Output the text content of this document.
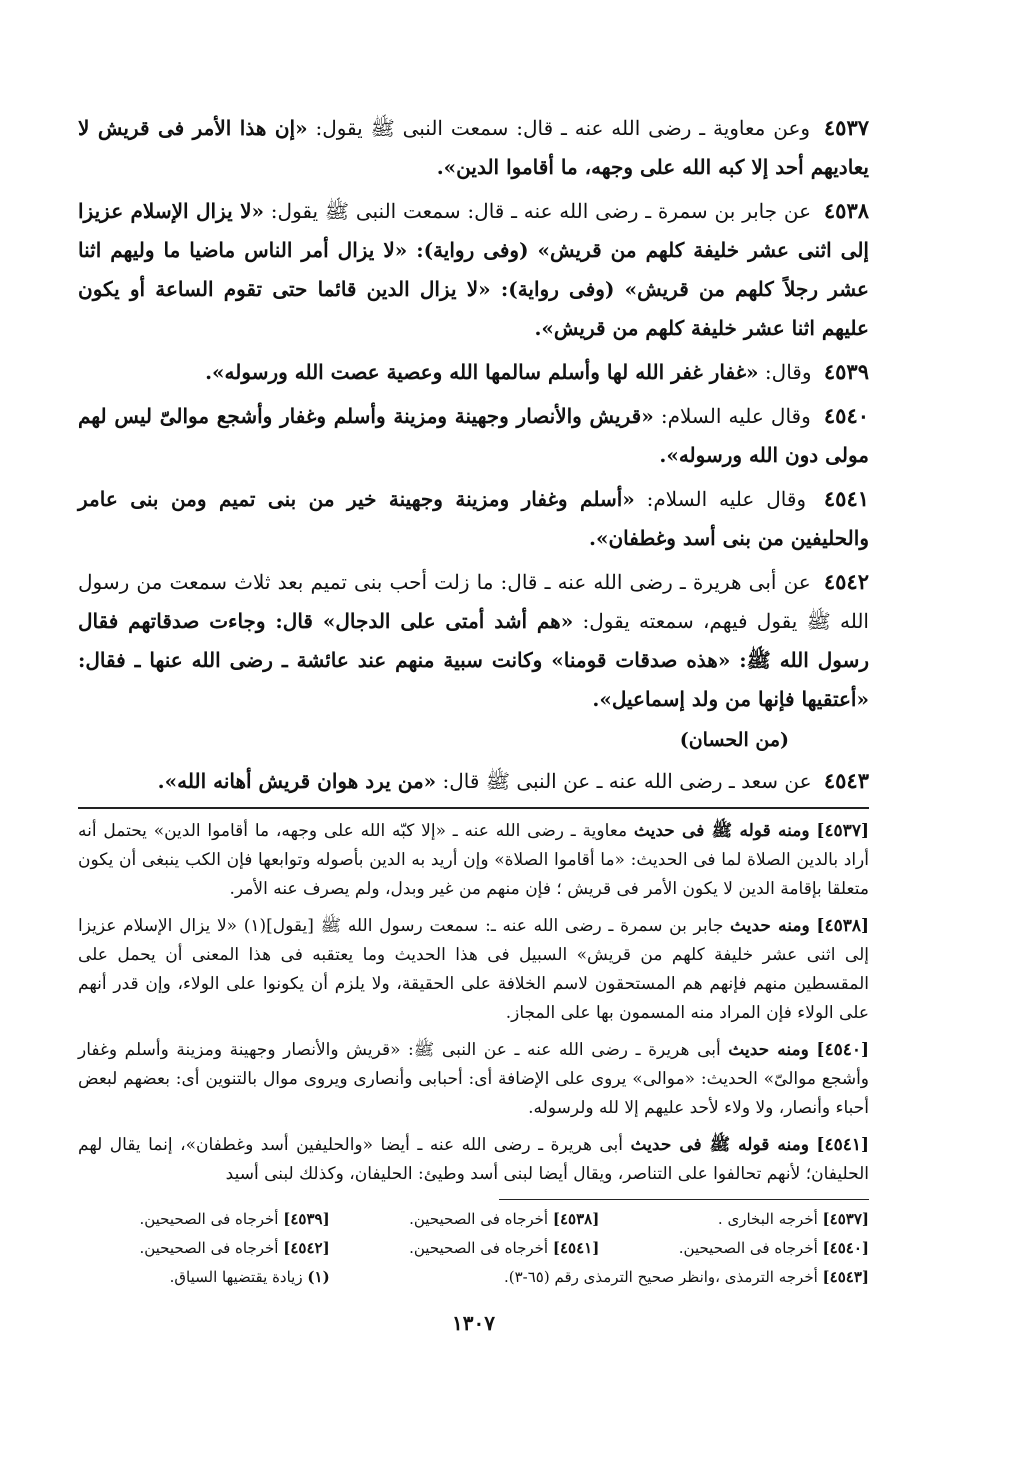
٤٥٣٧ وعن معاوية ـ رضى الله عنه ـ قال: سمعت النبى ﷺ يقول: «إن هذا الأمر فى قريش لا يعاديهم أحد إلا كبه الله على وجهه، ما أقاموا الدين».

٤٥٣٨ عن جابر بن سمرة ـ رضى الله عنه ـ قال: سمعت النبى ﷺ يقول: «لا يزال الإسلام عزيزا إلى اثنى عشر خليفة كلهم من قريش» (وفى رواية): «لا يزال أمر الناس ماضيا ما وليهم اثنا عشر رجلاً كلهم من قريش» (وفى رواية): «لا يزال الدين قائما حتى تقوم الساعة أو يكون عليهم اثنا عشر خليفة كلهم من قريش».

٤٥٣٩ وقال: «غفار غفر الله لها وأسلم سالمها الله وعصية عصت الله ورسوله».

٤٥٤٠ وقال عليه السلام: «قريش والأنصار وجهينة ومزينة وأسلم وغفار وأشجع موالىّ ليس لهم مولى دون الله ورسوله».

٤٥٤١ وقال عليه السلام: «أسلم وغفار ومزينة وجهينة خير من بنى تميم ومن بنى عامر والحليفين من بنى أسد وغطفان».

٤٥٤٢ عن أبى هريرة ـ رضى الله عنه ـ قال: ما زلت أحب بنى تميم بعد ثلاث سمعت من رسول الله ﷺ يقول فيهم، سمعته يقول: «هم أشد أمتى على الدجال» قال: وجاءت صدقاتهم فقال رسول الله ﷺ: «هذه صدقات قومنا» وكانت سبية منهم عند عائشة ـ رضى الله عنها ـ فقال: «أعتقيها فإنها من ولد إسماعيل».

(من الحسان)

٤٥٤٣ عن سعد ـ رضى الله عنه ـ عن النبى ﷺ قال: «من يرد هوان قريش أهانه الله».

[٤٥٣٧] ومنه قوله ﷺ فى حديث معاوية ـ رضى الله عنه ـ «إلا كبّه الله على وجهه، ما أقاموا الدين» يحتمل أنه أراد بالدين الصلاة لما فى الحديث: «ما أقاموا الصلاة» وإن أريد به الدين بأصوله وتوابعها فإن الكب ينبغى أن يكون متعلقا بإقامة الدين لا يكون الأمر فى قريش ؛ فإن منهم من غير وبدل، ولم يصرف عنه الأمر.

[٤٥٣٨] ومنه حديث جابر بن سمرة ـ رضى الله عنه ـ: سمعت رسول الله ﷺ [يقول](١) «لا يزال الإسلام عزيزا إلى اثنى عشر خليفة كلهم من قريش» السبيل فى هذا الحديث وما يعتقبه فى هذا المعنى أن يحمل على المقسطين منهم فإنهم هم المستحقون لاسم الخلافة على الحقيقة، ولا يلزم أن يكونوا على الولاء، وإن قدر أنهم على الولاء فإن المراد منه المسمون بها على المجاز.

[٤٥٤٠] ومنه حديث أبى هريرة ـ رضى الله عنه ـ عن النبى ﷺ: «قريش والأنصار وجهينة ومزينة وأسلم وغفار وأشجع موالىّ» الحديث: «موالى» يروى على الإضافة أى: أحبابى وأنصارى ويروى موال بالتنوين أى: بعضهم لبعض أحباء وأنصار، ولا ولاء لأحد عليهم إلا لله ولرسوله.

[٤٥٤١] ومنه قوله ﷺ فى حديث أبى هريرة ـ رضى الله عنه ـ أيضا «والحليفين أسد وغطفان»، إنما يقال لهم الحليفان؛ لأنهم تحالفوا على التناصر، ويقال أيضا لبنى أسد وطيئ: الحليفان، وكذلك لبنى أسيد

[٤٥٣٧] أخرجه البخارى .
[٤٥٣٨] أخرجاه فى الصحيحين.
[٤٥٣٩] أخرجاه فى الصحيحين.
[٤٥٤٠] أخرجاه فى الصحيحين.
[٤٥٤١] أخرجاه فى الصحيحين.
[٤٥٤٢] أخرجاه فى الصحيحين.
[٤٥٤٣] أخرجه الترمذى ،وانظر صحيح الترمذى رقم (٦٥-٣).
(١) زيادة يقتضيها السياق.
١٣٠٧
